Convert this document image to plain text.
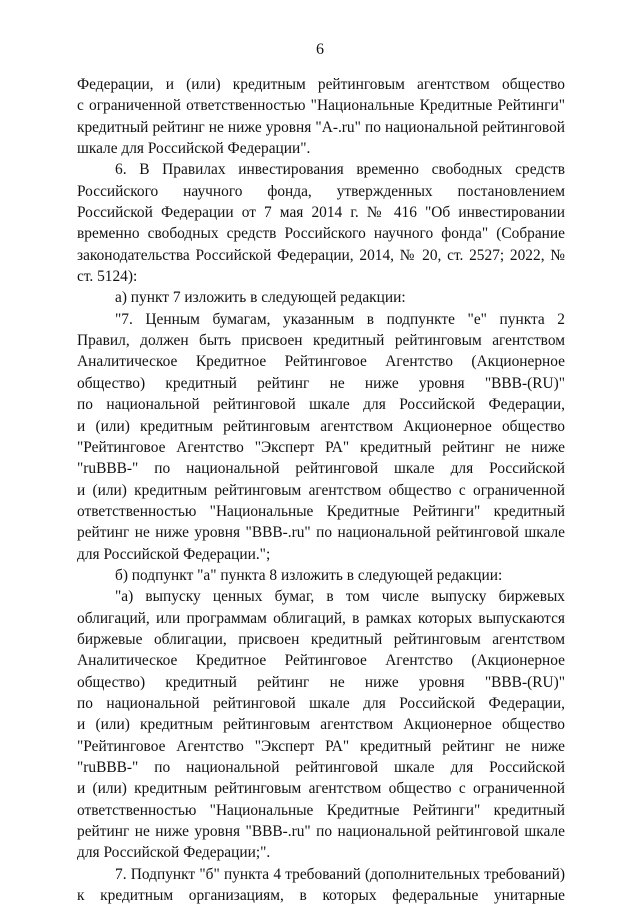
6
Федерации, и (или) кредитным рейтинговым агентством общество
с ограниченной ответственностью "Национальные Кредитные Рейтинги"
кредитный рейтинг не ниже уровня "A-.ru" по национальной рейтинговой
шкале для Российской Федерации".
6. В Правилах инвестирования временно свободных средств
Российского научного фонда, утвержденных постановлением
Российской Федерации от 7 мая 2014 г. № 416 "Об инвестировании
временно свободных средств Российского научного фонда" (Собрание
законодательства Российской Федерации, 2014, № 20, ст. 2527; 2022, №
ст. 5124):
а) пункт 7 изложить в следующей редакции:
"7. Ценным бумагам, указанным в подпункте "е" пункта 2
Правил, должен быть присвоен кредитный рейтинговым агентством
Аналитическое Кредитное Рейтинговое Агентство (Акционерное
общество) кредитный рейтинг не ниже уровня "BBB-(RU)"
по национальной рейтинговой шкале для Российской Федерации,
и (или) кредитным рейтинговым агентством Акционерное общество
"Рейтинговое Агентство "Эксперт РА" кредитный рейтинг не ниже
"ruBBB-" по национальной рейтинговой шкале для Российской
и (или) кредитным рейтинговым агентством общество с ограниченной
ответственностью "Национальные Кредитные Рейтинги" кредитный
рейтинг не ниже уровня "BBB-.ru" по национальной рейтинговой шкале
для Российской Федерации.";
б) подпункт "а" пункта 8 изложить в следующей редакции:
"а) выпуску ценных бумаг, в том числе выпуску биржевых
облигаций, или программам облигаций, в рамках которых выпускаются
биржевые облигации, присвоен кредитный рейтинговым агентством
Аналитическое Кредитное Рейтинговое Агентство (Акционерное
общество) кредитный рейтинг не ниже уровня "BBB-(RU)"
по национальной рейтинговой шкале для Российской Федерации,
и (или) кредитным рейтинговым агентством Акционерное общество
"Рейтинговое Агентство "Эксперт РА" кредитный рейтинг не ниже
"ruBBB-" по национальной рейтинговой шкале для Российской
и (или) кредитным рейтинговым агентством общество с ограниченной
ответственностью "Национальные Кредитные Рейтинги" кредитный
рейтинг не ниже уровня "BBB-.ru" по национальной рейтинговой шкале
для Российской Федерации;".
7. Подпункт "б" пункта 4 требований (дополнительных требований)
к кредитным организациям, в которых федеральные унитарные
